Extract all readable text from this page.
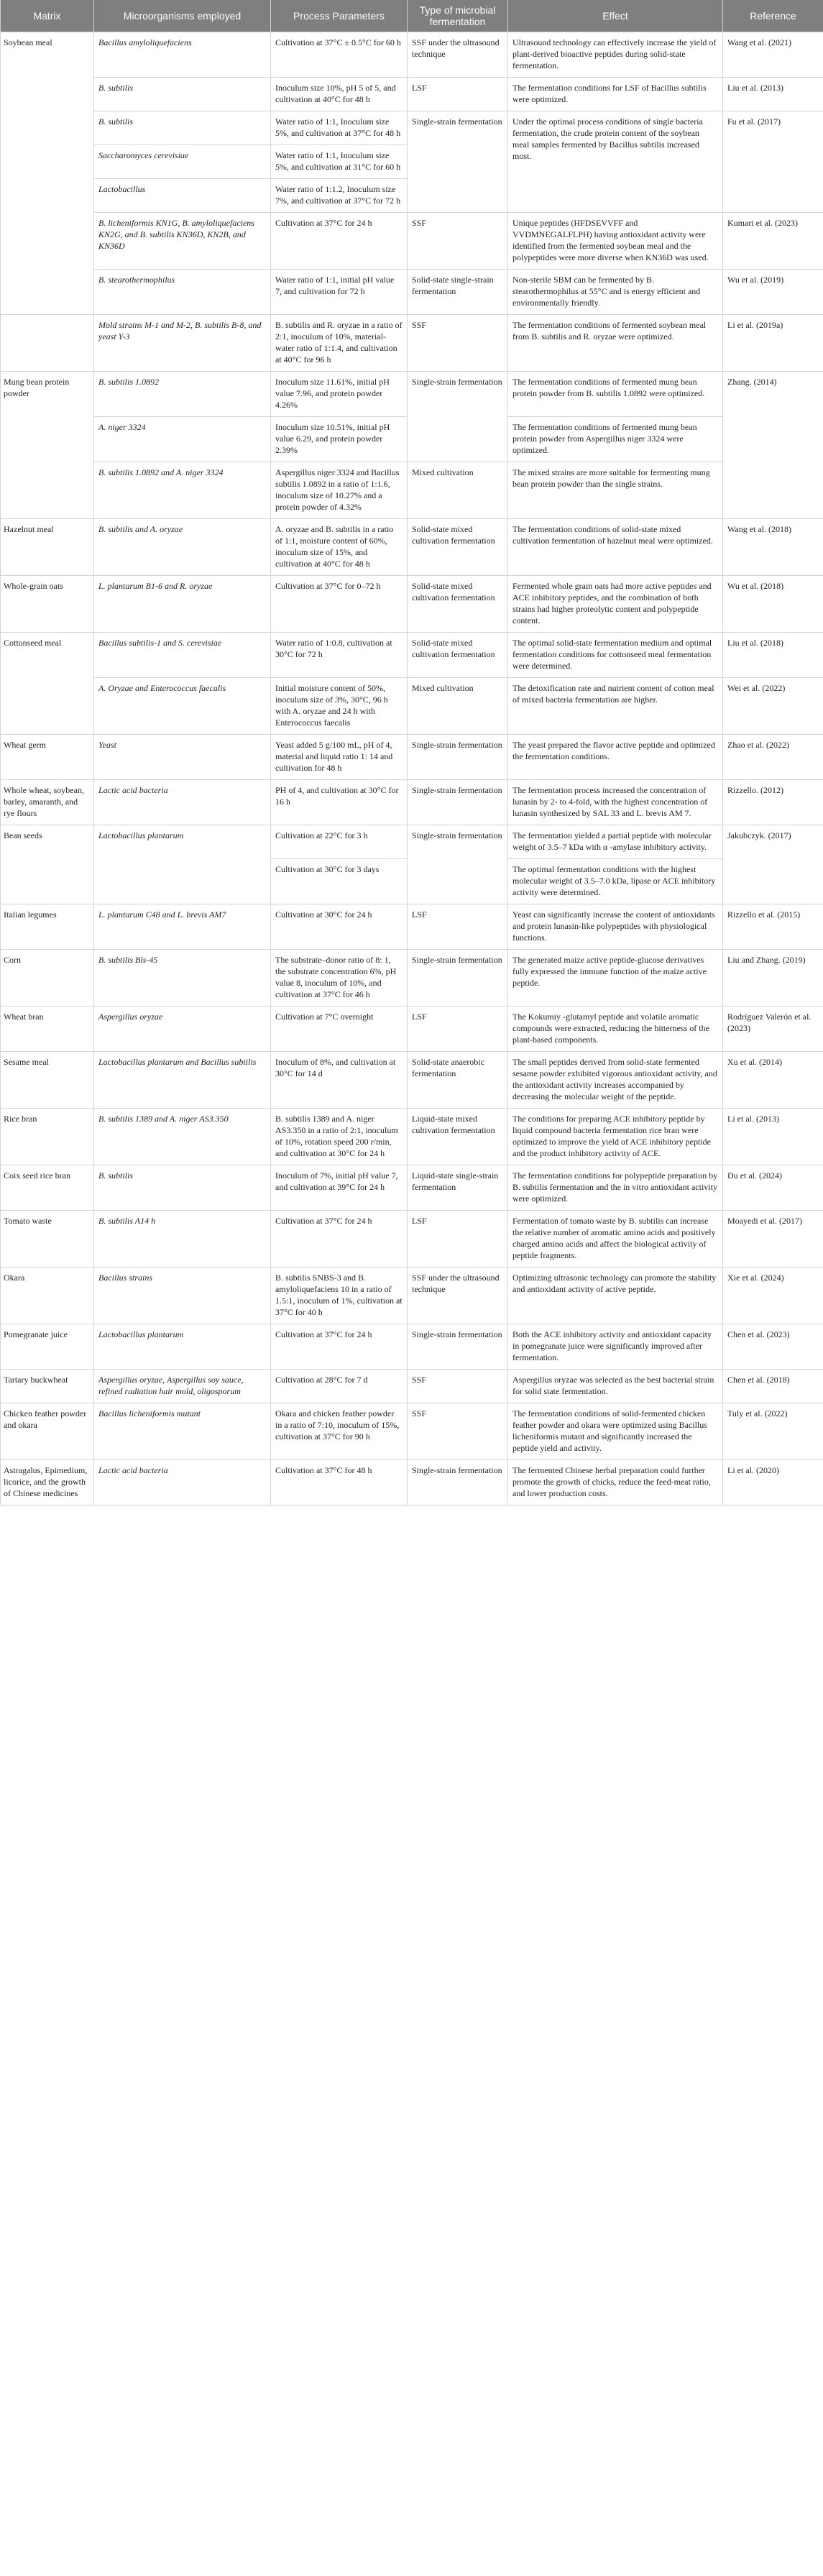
Matrix	Microorganisms employed	Process Parameters	Type of microbial fermentation	Effect	Reference
Soybean meal	Bacillus amyloliquefaciens	Cultivation at 37°C ± 0.5°C for 60 h	SSF under the ultrasound technique	Ultrasound technology can effectively increase the yield of plant-derived bioactive peptides during solid-state fermentation.	Wang et al. (2021)
	B. subtilis	Inoculum size 10%, pH 5 of 5, and cultivation at 40°C for 48 h	LSF	The fermentation conditions for LSF of Bacillus subtilis were optimized.	Liu et al. (2013)
	B. subtilis	Water ratio of 1:1, Inoculum size 5%, and cultivation at 37°C for 48 h	Single-strain fermentation	Under the optimal process conditions of single bacteria fermentation, the crude protein content of the soybean meal samples fermented by Bacillus subtilis increased most.	Fu et al. (2017)
	Saccharomyces cerevisiae	Water ratio of 1:1, Inoculum size 5%, and cultivation at 31°C for 60 h			
	Lactobacillus	Water ratio of 1:1.2, Inoculum size 7%, and cultivation at 37°C for 72 h			
	B. licheniformis KN1G, B. amyloliquefaciens KN2G, and B. subtilis KN36D, KN2B, and KN36D	Cultivation at 37°C for 24 h	SSF	Unique peptides (HFDSEVVFF and VVDMNEGALFLPH) having antioxidant activity were identified from the fermented soybean meal and the polypeptides were more diverse when KN36D was used.	Kumari et al. (2023)
	B. stearothermophilus	Water ratio of 1:1, initial pH value 7, and cultivation for 72 h	Solid-state single-strain fermentation	Non-sterile SBM can be fermented by B. stearothermophilus at 55°C and is energy efficient and environmentally friendly.	Wu et al. (2019)
	Mold strains M-1 and M-2, B. subtilis B-8, and yeast Y-3	B. subtilis and R. oryzae in a ratio of 2:1, inoculum of 10%, material-water ratio of 1:1.4, and cultivation at 40°C for 96 h	SSF	The fermentation conditions of fermented soybean meal from B. subtilis and R. oryzae were optimized.	Li et al. (2019a)
Mung bean protein powder	B. subtilis 1.0892	Inoculum size 11.61%, initial pH value 7.96, and protein powder 4.26%	Single-strain fermentation	The fermentation conditions of fermented mung bean protein powder from B. subtilis 1.0892 were optimized.	Zhang. (2014)
	A. niger 3324	Inoculum size 10.51%, initial pH value 6.29, and protein powder 2.39%		The fermentation conditions of fermented mung bean protein powder from Aspergillus niger 3324 were optimized.	
	B. subtilis 1.0892 and A. niger 3324	Aspergillus niger 3324 and Bacillus subtilis 1.0892 in a ratio of 1:1.6, inoculum size of 10.27% and a protein powder of 4.32%	Mixed cultivation	The mixed strains are more suitable for fermenting mung bean protein powder than the single strains.	
Hazelnut meal	B. subtilis and A. oryzae	A. oryzae and B. subtilis in a ratio of 1:1, moisture content of 60%, inoculum size of 15%, and cultivation at 40°C for 48 h	Solid-state mixed cultivation fermentation	The fermentation conditions of solid-state mixed cultivation fermentation of hazelnut meal were optimized.	Wang et al. (2018)
Whole-grain oats	L. plantarum B1-6 and R. oryzae	Cultivation at 37°C for 0–72 h	Solid-state mixed cultivation fermentation	Fermented whole grain oats had more active peptides and ACE inhibitory peptides, and the combination of both strains had higher proteolytic content and polypeptide content.	Wu et al. (2018)
Cottonseed meal	Bacillus subtilis-1 and S. cerevisiae	Water ratio of 1:0.8, cultivation at 30°C for 72 h	Solid-state mixed cultivation fermentation	The optimal solid-state fermentation medium and optimal fermentation conditions for cottonseed meal fermentation were determined.	Liu et al. (2018)
	A. Oryzae and Enterococcus faecalis	Initial moisture content of 50%, inoculum size of 3%, 30°C, 96 h with A. oryzae and 24 h with Enterococcus faecalis	Mixed cultivation	The detoxification rate and nutrient content of cotton meal of mixed bacteria fermentation are higher.	Wei et al. (2022)
Wheat germ	Yeast	Yeast added 5 g/100 mL, pH of 4, material and liquid ratio 1: 14 and cultivation for 48 h	Single-strain fermentation	The yeast prepared the flavor active peptide and optimized the fermentation conditions.	Zhao et al. (2022)
Whole wheat, soybean, barley, amaranth, and rye flours	Lactic acid bacteria	PH of 4, and cultivation at 30°C for 16 h	Single-strain fermentation	The fermentation process increased the concentration of lunasin by 2- to 4-fold, with the highest concentration of lunasin synthesized by SAL 33 and L. brevis AM 7.	Rizzello. (2012)
Bean seeds	Lactobacillus plantarum	Cultivation at 22°C for 3 h	Single-strain fermentation	The fermentation yielded a partial peptide with molecular weight of 3.5–7 kDa with α -amylase inhibitory activity.	Jakubczyk. (2017)
		Cultivation at 30°C for 3 days		The optimal fermentation conditions with the highest molecular weight of 3.5–7.0 kDa, lipase or ACE inhibitory activity were determined.	
Italian legumes	L. plantarum C48 and L. brevis AM7	Cultivation at 30°C for 24 h	LSF	Yeast can significantly increase the content of antioxidants and protein lunasin-like polypeptides with physiological functions.	Rizzello et al. (2015)
Corn	B. subtilis Bls-45	The substrate–donor ratio of 8: 1, the substrate concentration 6%, pH value 8, inoculum of 10%, and cultivation at 37°C for 46 h	Single-strain fermentation	The generated maize active peptide-glucose derivatives fully expressed the immune function of the maize active peptide.	Liu and Zhang. (2019)
Wheat bran	Aspergillus oryzae	Cultivation at 7°C overnight	LSF	The Kokumiy -glutamyl peptide and volatile aromatic compounds were extracted, reducing the bitterness of the plant-based components.	Rodríguez Valerón et al. (2023)
Sesame meal	Lactobacillus plantarum and Bacillus subtilis	Inoculum of 8%, and cultivation at 30°C for 14 d	Solid-state anaerobic fermentation	The small peptides derived from solid-state fermented sesame powder exhibited vigorous antioxidant activity, and the antioxidant activity increases accompanied by decreasing the molecular weight of the peptide.	Xu et al. (2014)
Rice bran	B. subtilis 1389 and A. niger AS3.350	B. subtilis 1389 and A. niger AS3.350 in a ratio of 2:1, inoculum of 10%, rotation speed 200 r/min, and cultivation at 30°C for 24 h	Liquid-state mixed cultivation fermentation	The conditions for preparing ACE inhibitory peptide by liquid compound bacteria fermentation rice bran were optimized to improve the yield of ACE inhibitory peptide and the product inhibitory activity of ACE.	Li et al. (2013)
Coix seed rice bran	B. subtilis	Inoculum of 7%, initial pH value 7, and cultivation at 39°C for 24 h	Liquid-state single-strain fermentation	The fermentation conditions for polypeptide preparation by B. subtilis fermentation and the in vitro antioxidant activity were optimized.	Du et al. (2024)
Tomato waste	B. subtilis A14 h	Cultivation at 37°C for 24 h	LSF	Fermentation of tomato waste by B. subtilis can increase the relative number of aromatic amino acids and positively charged amino acids and affect the biological activity of peptide fragments.	Moayedi et al. (2017)
Okara	Bacillus strains	B. subtilis SNBS-3 and B. amyloliquefaciens 10 in a ratio of 1.5:1, inoculum of 1%, cultivation at 37°C for 40 h	SSF under the ultrasound technique	Optimizing ultrasonic technology can promote the stability and antioxidant activity of active peptide.	Xie et al. (2024)
Pomegranate juice	Lactobacillus plantarum	Cultivation at 37°C for 24 h	Single-strain fermentation	Both the ACE inhibitory activity and antioxidant capacity in pomegranate juice were significantly improved after fermentation.	Chen et al. (2023)
Tartary buckwheat	Aspergillus oryzae, Aspergillus soy sauce, refined radiation hair mold, oligosporum	Cultivation at 28°C for 7 d	SSF	Aspergillus oryzae was selected as the best bacterial strain for solid state fermentation.	Chen et al. (2018)
Chicken feather powder and okara	Bacillus licheniformis mutant	Okara and chicken feather powder in a ratio of 7:10, inoculum of 15%, cultivation at 37°C for 90 h	SSF	The fermentation conditions of solid-fermented chicken feather powder and okara were optimized using Bacillus licheniformis mutant and significantly increased the peptide yield and activity.	Tuly et al. (2022)
Astragalus, Epimedium, licorice, and the growth of Chinese medicines	Lactic acid bacteria	Cultivation at 37°C for 48 h	Single-strain fermentation	The fermented Chinese herbal preparation could further promote the growth of chicks, reduce the feed-meat ratio, and lower production costs.	Li et al. (2020)
